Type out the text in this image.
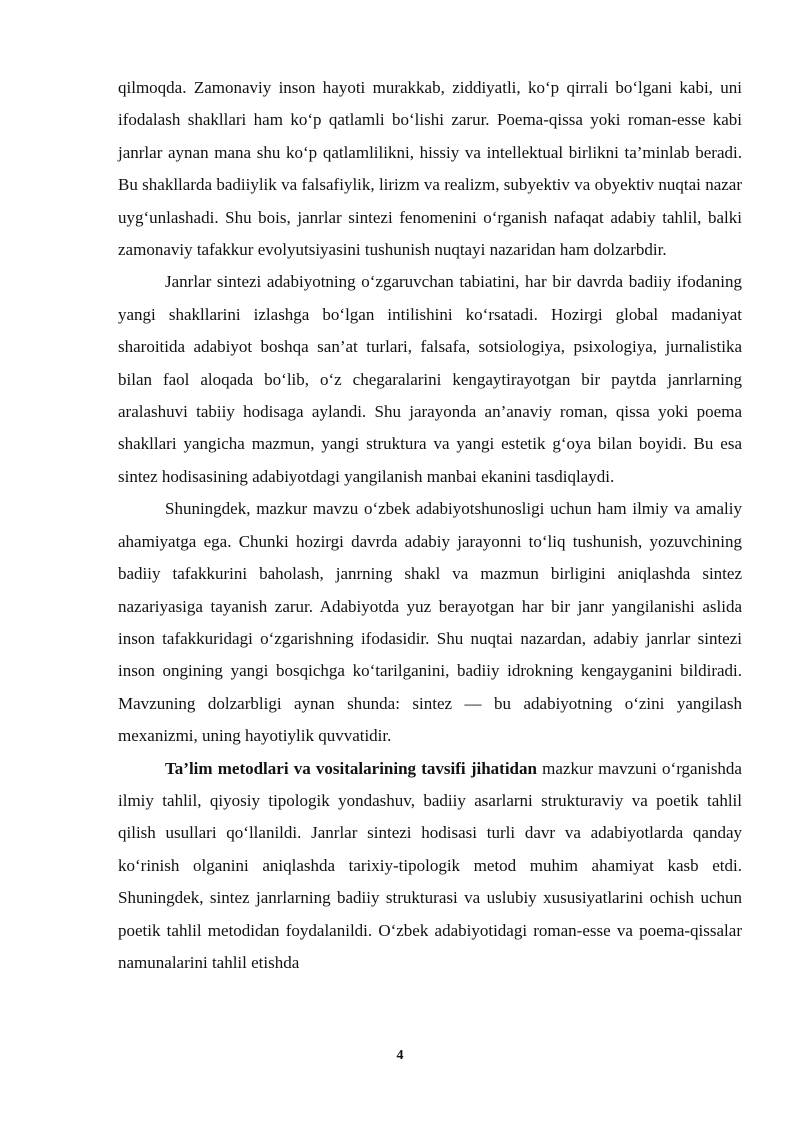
qilmoqda. Zamonaviy inson hayoti murakkab, ziddiyatli, ko‘p qirrali bo‘lgani kabi, uni ifodalash shakllari ham ko‘p qatlamli bo‘lishi zarur. Poema-qissa yoki roman-esse kabi janrlar aynan mana shu ko‘p qatlamlilikni, hissiy va intellektual birlikni ta’minlab beradi. Bu shakllarda badiiylik va falsafiylik, lirizm va realizm, subyektiv va obyektiv nuqtai nazar uyg‘unlashadi. Shu bois, janrlar sintezi fenomenini o‘rganish nafaqat adabiy tahlil, balki zamonaviy tafakkur evolyutsiyasini tushunish nuqtayi nazaridan ham dolzarbdir.

Janrlar sintezi adabiyotning o‘zgaruvchan tabiatini, har bir davrda badiiy ifodaning yangi shakllarini izlashga bo‘lgan intilishini ko‘rsatadi. Hozirgi global madaniyat sharoitida adabiyot boshqa san’at turlari, falsafa, sotsiologiya, psixologiya, jurnalistika bilan faol aloqada bo‘lib, o‘z chegaralarini kengaytirayotgan bir paytda janrlarning aralashuvi tabiiy hodisaga aylandi. Shu jarayonda an’anaviy roman, qissa yoki poema shakllari yangicha mazmun, yangi struktura va yangi estetik g‘oya bilan boyidi. Bu esa sintez hodisasining adabiyotdagi yangilanish manbai ekanini tasdiqlaydi.

Shuningdek, mazkur mavzu o‘zbek adabiyotshunosligi uchun ham ilmiy va amaliy ahamiyatga ega. Chunki hozirgi davrda adabiy jarayonni to‘liq tushunish, yozuvchining badiiy tafakkurini baholash, janrning shakl va mazmun birligini aniqlashda sintez nazariyasiga tayanish zarur. Adabiyotda yuz berayotgan har bir janr yangilanishi aslida inson tafakkuridagi o‘zgarishning ifodasidir. Shu nuqtai nazardan, adabiy janrlar sintezi inson ongining yangi bosqichga ko‘tarilganini, badiiy idrokning kengayganini bildiradi. Mavzuning dolzarbligi aynan shunda: sintez — bu adabiyotning o‘zini yangilash mexanizmi, uning hayotiylik quvvatidir.

Ta’lim metodlari va vositalarining tavsifi jihatidan mazkur mavzuni o‘rganishda ilmiy tahlil, qiyosiy tipologik yondashuv, badiiy asarlarni strukturaviy va poetik tahlil qilish usullari qo‘llanildi. Janrlar sintezi hodisasi turli davr va adabiyotlarda qanday ko‘rinish olganini aniqlashda tarixiy-tipologik metod muhim ahamiyat kasb etdi. Shuningdek, sintez janrlarning badiiy strukturasi va uslubiy xususiyatlarini ochish uchun poetik tahlil metodidan foydalanildi. O‘zbek adabiyotidagi roman-esse va poema-qissalar namunalarini tahlil etishda

4
